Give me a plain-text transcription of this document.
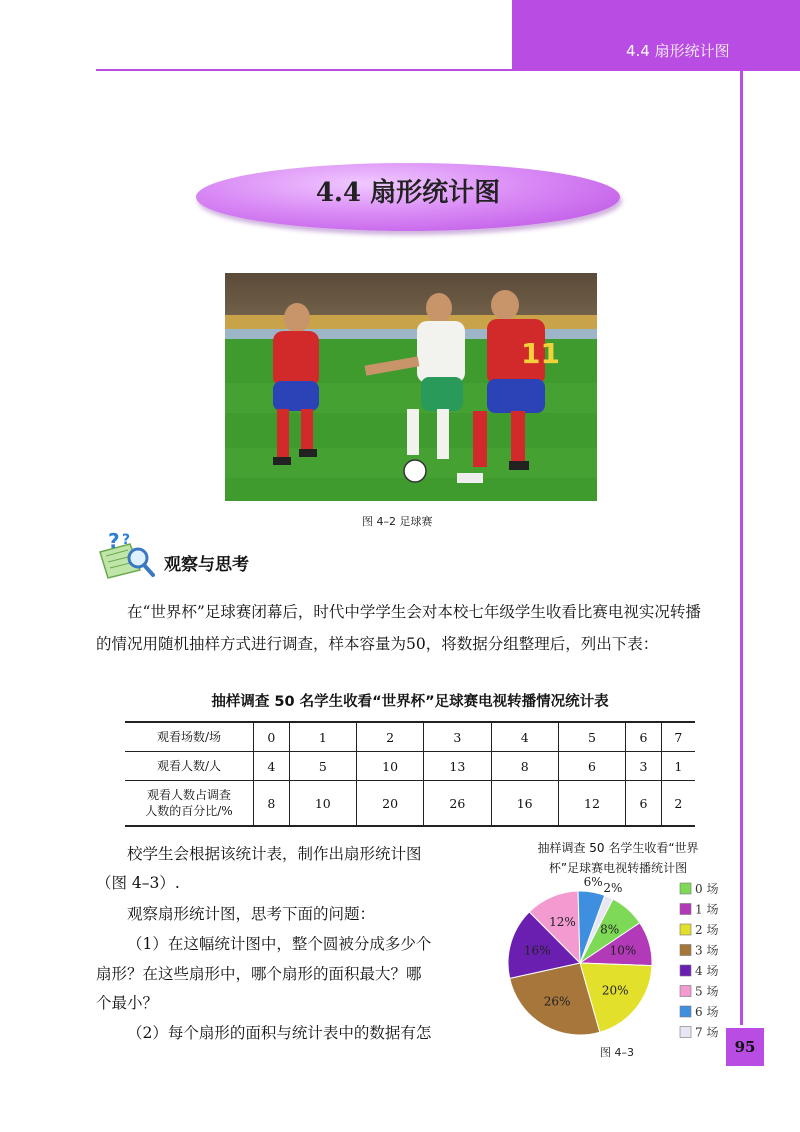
4.4 扇形统计图
4.4 扇形统计图
11
图 4–2 足球赛
? ?
观察与思考
在“世界杯”足球赛闭幕后，时代中学学生会对本校七年级学生收看比赛电视实况转播的情况用随机抽样方式进行调查，样本容量为50，将数据分组整理后，列出下表：
抽样调查 50 名学生收看“世界杯”足球赛电视转播情况统计表
观看场数/场	0	1	2	3	4	5	6	7
观看人数/人	4	5	10	13	8	6	3	1
观看人数占调查
人数的百分比/%	8	10	20	26	16	12	6	2
校学生会根据该统计表，制作出扇形统计图
（图 4–3）.
观察扇形统计图，思考下面的问题：
（1）在这幅统计图中，整个圆被分成多少个
扇形？在这些扇形中，哪个扇形的面积最大？哪
个最小？
（2）每个扇形的面积与统计表中的数据有怎
抽样调查 50 名学生收看“世界
杯”足球赛电视转播统计图
2%
8%
10%
20%
26%
16%
12%
6%	0 场
1 场
2 场
3 场
4 场
5 场
6 场
7 场
图 4–3	95
